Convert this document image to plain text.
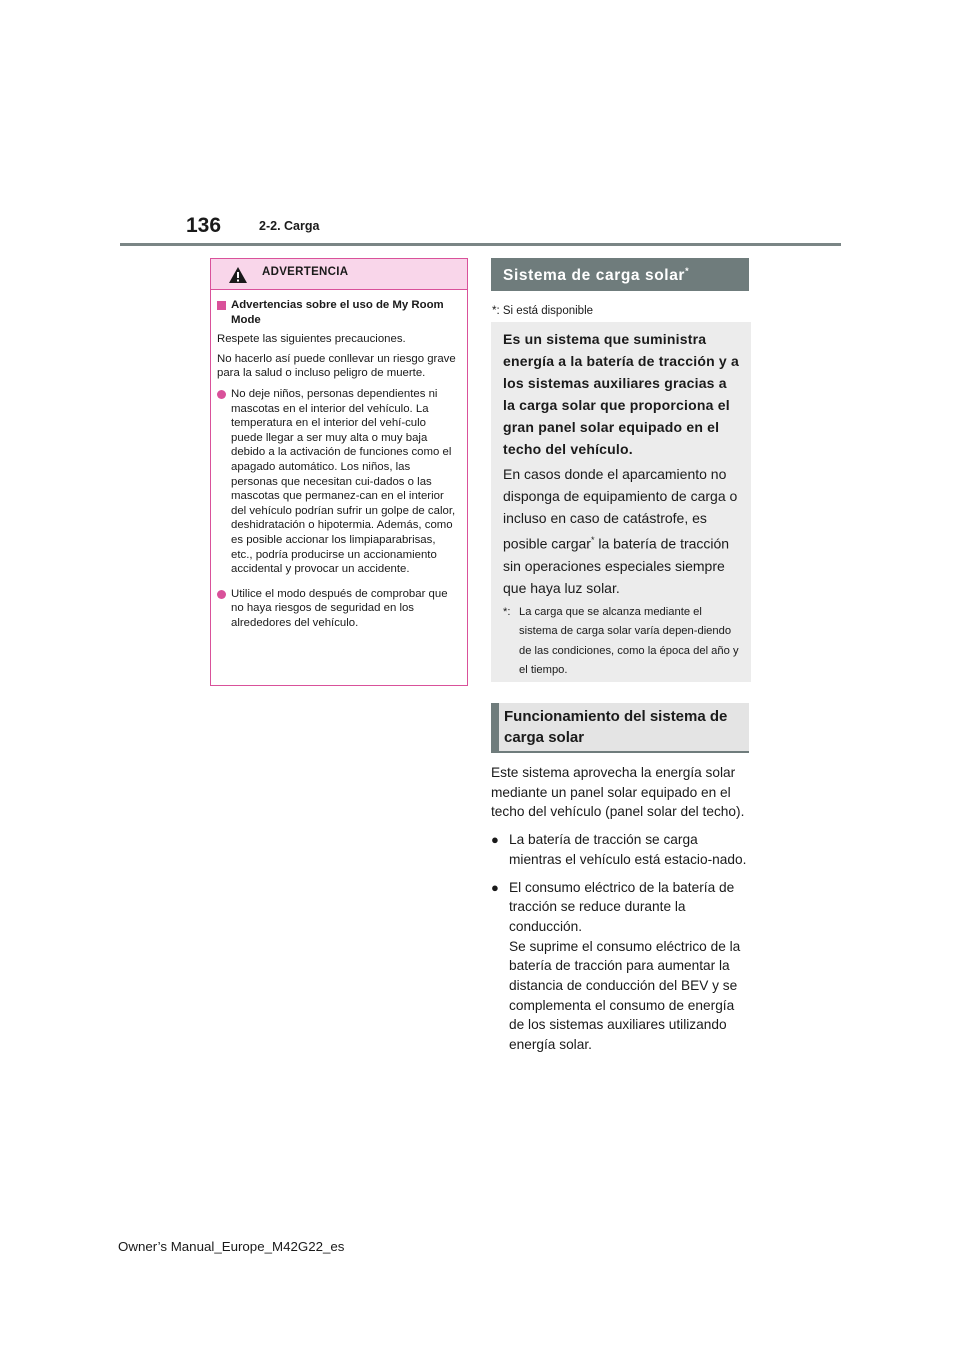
136	2-2. Carga
ADVERTENCIA
Advertencias sobre el uso de My Room Mode

Respete las siguientes precauciones.

No hacerlo así puede conllevar un riesgo grave para la salud o incluso peligro de muerte.

No deje niños, personas dependientes ni mascotas en el interior del vehículo. La temperatura en el interior del vehí-culo puede llegar a ser muy alta o muy baja debido a la activación de funciones como el apagado automático. Los niños, las personas que necesitan cui-dados o las mascotas que permanez-can en el interior del vehículo podrían sufrir un golpe de calor, deshidratación o hipotermia. Además, como es posible accionar los limpiaparabrisas, etc., podría producirse un accionamiento accidental y provocar un accidente.
Utilice el modo después de comprobar que no haya riesgos de seguridad en los alrededores del vehículo.
Sistema de carga solar*
*: Si está disponible
Es un sistema que suministra energía a la batería de tracción y a los sistemas auxiliares gracias a la carga solar que proporciona el gran panel solar equipado en el techo del vehículo.
En casos donde el aparcamiento no disponga de equipamiento de carga o incluso en caso de catástrofe, es posible cargar* la batería de tracción sin operaciones especiales siempre que haya luz solar.
*: La carga que se alcanza mediante el sistema de carga solar varía depen-diendo de las condiciones, como la época del año y el tiempo.
Funcionamiento del sistema de carga solar

Este sistema aprovecha la energía solar mediante un panel solar equipado en el techo del vehículo (panel solar del techo).

● La batería de tracción se carga mientras el vehículo está estacio-nado.
● El consumo eléctrico de la batería de tracción se reduce durante la conducción.
Se suprime el consumo eléctrico de la batería de tracción para aumentar la distancia de conducción del BEV y se complementa el consumo de energía de los sistemas auxiliares utilizando energía solar.
Owner’s Manual_Europe_M42G22_es
